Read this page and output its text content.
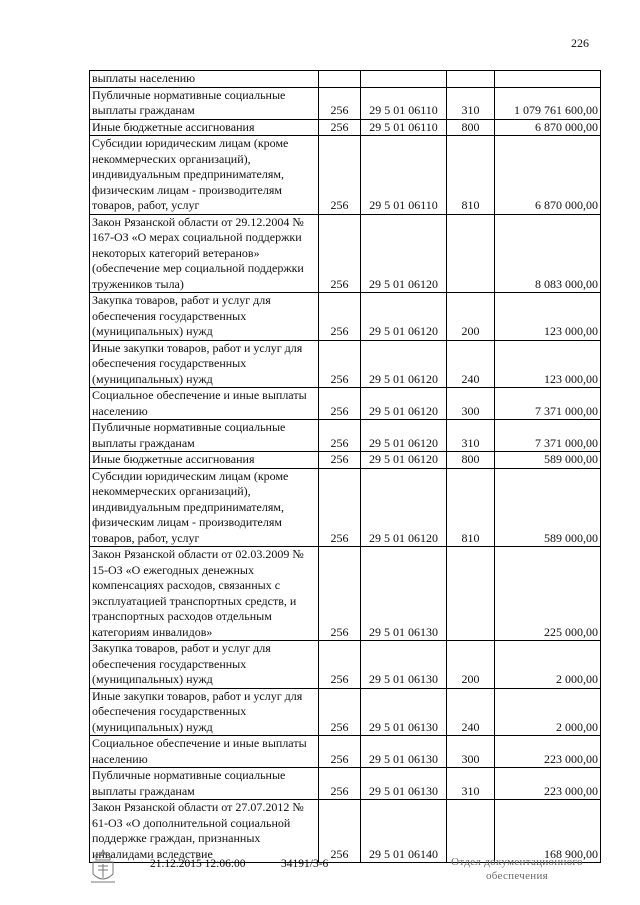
226
выплаты населению				
Публичные нормативные социальные выплаты гражданам	256	29 5 01 06110	310	1 079 761 600,00
Иные бюджетные ассигнования	256	29 5 01 06110	800	6 870 000,00
Субсидии юридическим лицам (кроме некоммерческих организаций), индивидуальным предпринимателям, физическим лицам - производителям товаров, работ, услуг	256	29 5 01 06110	810	6 870 000,00
Закон Рязанской области от 29.12.2004 № 167-ОЗ «О мерах социальной поддержки некоторых категорий ветеранов» (обеспечение мер социальной поддержки тружеников тыла)	256	29 5 01 06120		8 083 000,00
Закупка товаров, работ и услуг для обеспечения государственных (муниципальных) нужд	256	29 5 01 06120	200	123 000,00
Иные закупки товаров, работ и услуг для обеспечения государственных (муниципальных) нужд	256	29 5 01 06120	240	123 000,00
Социальное обеспечение и иные выплаты населению	256	29 5 01 06120	300	7 371 000,00
Публичные нормативные социальные выплаты гражданам	256	29 5 01 06120	310	7 371 000,00
Иные бюджетные ассигнования	256	29 5 01 06120	800	589 000,00
Субсидии юридическим лицам (кроме некоммерческих организаций), индивидуальным предпринимателям, физическим лицам - производителям товаров, работ, услуг	256	29 5 01 06120	810	589 000,00
Закон Рязанской области от 02.03.2009 № 15-ОЗ «О ежегодных денежных компенсациях расходов, связанных с эксплуатацией транспортных средств, и транспортных расходов отдельным категориям инвалидов»	256	29 5 01 06130		225 000,00
Закупка товаров, работ и услуг для обеспечения государственных (муниципальных) нужд	256	29 5 01 06130	200	2 000,00
Иные закупки товаров, работ и услуг для обеспечения государственных (муниципальных) нужд	256	29 5 01 06130	240	2 000,00
Социальное обеспечение и иные выплаты населению	256	29 5 01 06130	300	223 000,00
Публичные нормативные социальные выплаты гражданам	256	29 5 01 06130	310	223 000,00
Закон Рязанской области от 27.07.2012 № 61-ОЗ «О дополнительной социальной поддержке граждан, признанных инвалидами вследствие	256	29 5 01 06140		168 900,00
21.12.2015 12:06:00	34191/3-6	Отдел документационного
обеспечения
